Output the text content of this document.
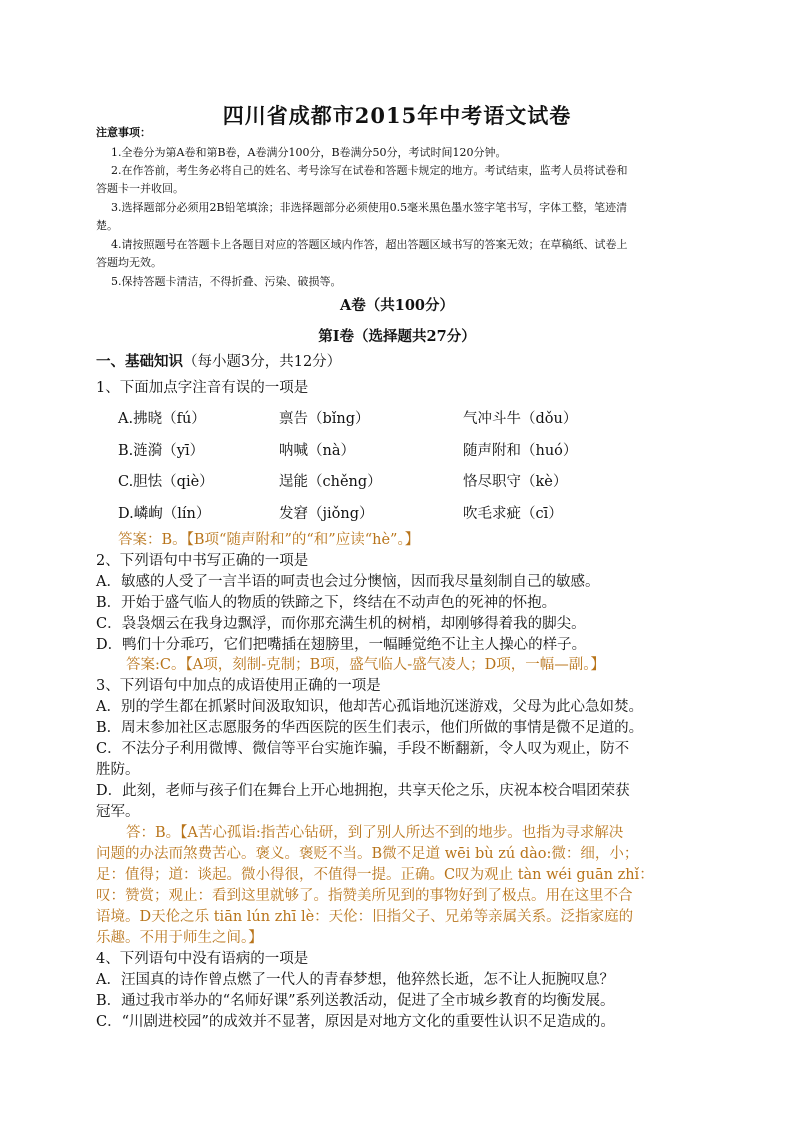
四川省成都市2015年中考语文试卷
注意事项：
1.全卷分为第A卷和第B卷，A卷满分100分，B卷满分50分，考试时间120分钟。
2.在作答前，考生务必将自己的姓名、考号涂写在试卷和答题卡规定的地方。考试结束，监考人员将试卷和
答题卡一并收回。
3.选择题部分必须用2B铅笔填涂；非选择题部分必须使用0.5毫米黑色墨水签字笔书写，字体工整，笔迹清
楚。
4.请按照题号在答题卡上各题目对应的答题区域内作答，超出答题区域书写的答案无效；在草稿纸、试卷上
答题均无效。
5.保持答题卡清洁，不得折叠、污染、破损等。
A卷（共100分）
第Ⅰ卷（选择题共27分）
一、基础知识（每小题3分，共12分）
1、下面加点字注音有误的一项是
A.拂晓（fú）	禀告（bǐng）	气冲斗牛（dǒu）
B.涟漪（yī）	呐喊（nà）	随声附和（huó）
C.胆怯（qiè）	逞能（chěng）	恪尽职守（kè）
D.嶙峋（lín）	发窘（jiǒng）	吹毛求疵（cī）
答案：B。【B项“随声附和”的“和”应读“hè”。】
2、下列语句中书写正确的一项是
A．敏感的人受了一言半语的呵责也会过分懊恼，因而我尽量刻制自己的敏感。
B．开始于盛气临人的物质的铁蹄之下，终结在不动声色的死神的怀抱。
C．袅袅烟云在我身边飘浮，而你那充满生机的树梢，却刚够得着我的脚尖。
D．鸭们十分乖巧，它们把嘴插在翅膀里，一幅睡觉绝不让主人操心的样子。
答案:C。【A项，刻制-克制；B项，盛气临人-盛气凌人；D项，一幅—副。】
3、下列语句中加点的成语使用正确的一项是
A．别的学生都在抓紧时间汲取知识，他却苦心孤诣地沉迷游戏，父母为此心急如焚。
B．周末参加社区志愿服务的华西医院的医生们表示，他们所做的事情是微不足道的。
C．不法分子利用微博、微信等平台实施诈骗，手段不断翻新，令人叹为观止，防不
胜防。
D．此刻，老师与孩子们在舞台上开心地拥抱，共享天伦之乐，庆祝本校合唱团荣获
冠军。
答：B。【A苦心孤诣:指苦心钻研，到了别人所达不到的地步。也指为寻求解决
问题的办法而煞费苦心。褒义。褒贬不当。B微不足道 wēi bù zú dào:微：细，小；
足：值得；道：谈起。微小得很，不值得一提。正确。C叹为观止 tàn wéi guān zhǐ：
叹：赞赏；观止：看到这里就够了。指赞美所见到的事物好到了极点。用在这里不合
语境。D天伦之乐 tiān lún zhī lè：天伦：旧指父子、兄弟等亲属关系。泛指家庭的
乐趣。不用于师生之间。】
4、下列语句中没有语病的一项是
A．汪国真的诗作曾点燃了一代人的青春梦想，他猝然长逝，怎不让人扼腕叹息？
B．通过我市举办的“名师好课”系列送教活动，促进了全市城乡教育的均衡发展。
C．“川剧进校园”的成效并不显著，原因是对地方文化的重要性认识不足造成的。
